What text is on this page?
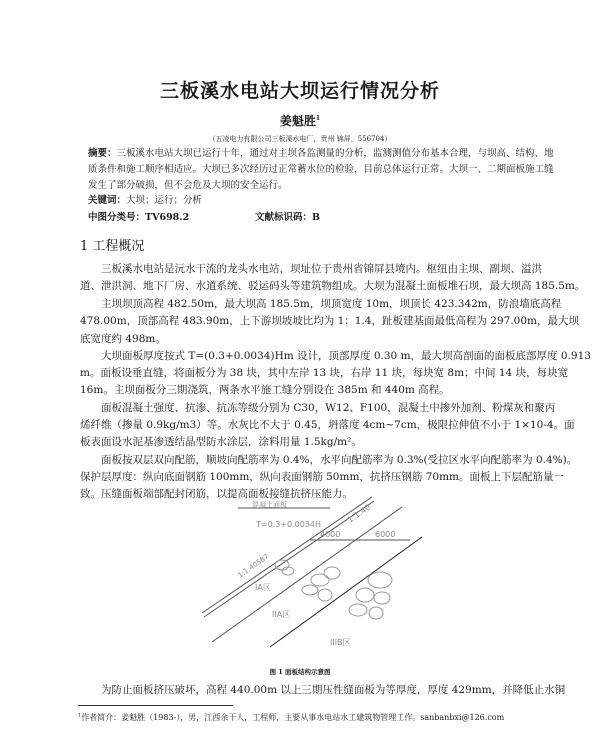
三板溪水电站大坝运行情况分析
姜魁胜$^1$
（五凌电力有限公司三板溪水电厂，贵州 锦屏，556704）
摘要：三板溪水电站大坝已运行十年，通过对主坝各监测量的分析，监测测值分布基本合理，与坝高、结构、地
质条件和施工顺序相适应。大坝已多次经历过正常蓄水位的检验，目前总体运行正常。大坝一、二期面板施工缝
发生了部分破损，但不会危及大坝的安全运行。
关键词：大坝；运行；分析
中图分类号：TV698.2	文献标识码：B
1 工程概况
　　三板溪水电站是沅水干流的龙头水电站，坝址位于贵州省锦屏县境内。枢纽由主坝、副坝、溢洪
道、泄洪洞、地下厂房、水道系统、驳运码头等建筑物组成。大坝为混凝土面板堆石坝，最大坝高 185.5m。
　　主坝坝顶高程 482.50m，最大坝高 185.5m，坝顶宽度 10m，坝顶长 423.342m，防浪墙底高程
478.00m，顶部高程 483.90m，上下游坝坡坡比均为 1：1.4，趾板建基面最低高程为 297.00m，最大坝
底宽度约 498m。
　　大坝面板厚度按式 T=(0.3+0.0034)Hm 设计，顶部厚度 0.30 m，最大坝高剖面的面板底部厚度 0.913
m。面板设垂直缝，将面板分为 38 块，其中左岸 13 块，右岸 11 块，每块宽 8m；中间 14 块，每块宽
16m。主坝面板分三期浇筑，两条水平施工缝分别设在 385m 和 440m 高程。
　　面板混凝土强度、抗渗、抗冻等级分别为 C30，W12、F100，混凝土中掺外加剂、粉煤灰和聚丙
烯纤维（掺量 0.9kg/m3）等。水灰比不大于 0.45，坍落度 4cm~7cm，极限拉伸值不小于 1×10-4。面
板表面设水泥基渗透结晶型防水涂层，涂料用量 1.5kg/m²。
　　面板按双层双向配筋，顺坡向配筋率为 0.4%，水平向配筋率为 0.3%(受拉区水平向配筋率为 0.4%)。
保护层厚度：纵向底面钢筋 100mm，纵向表面钢筋 50mm，抗挤压钢筋 70mm。面板上下层配筋量一
致。压缝面板端部配封闭筋，以提高面板接缝抗挤压能力。
混凝土面板
T=0.3+0.0034H	1:1.40
4000	6000
1:1.40587
IA区
IIA区
IIIB区
图 1 面板结构示意图
　　为防止面板挤压破坏，高程 440.00m 以上三期压性缝面板为等厚度，厚度 429mm，并降低止水铜
$^1$作者简介：姜魁胜（1983-），男，江西余干人，工程师，主要从事水电站水工建筑物管理工作。sanbanbxi@126.com
